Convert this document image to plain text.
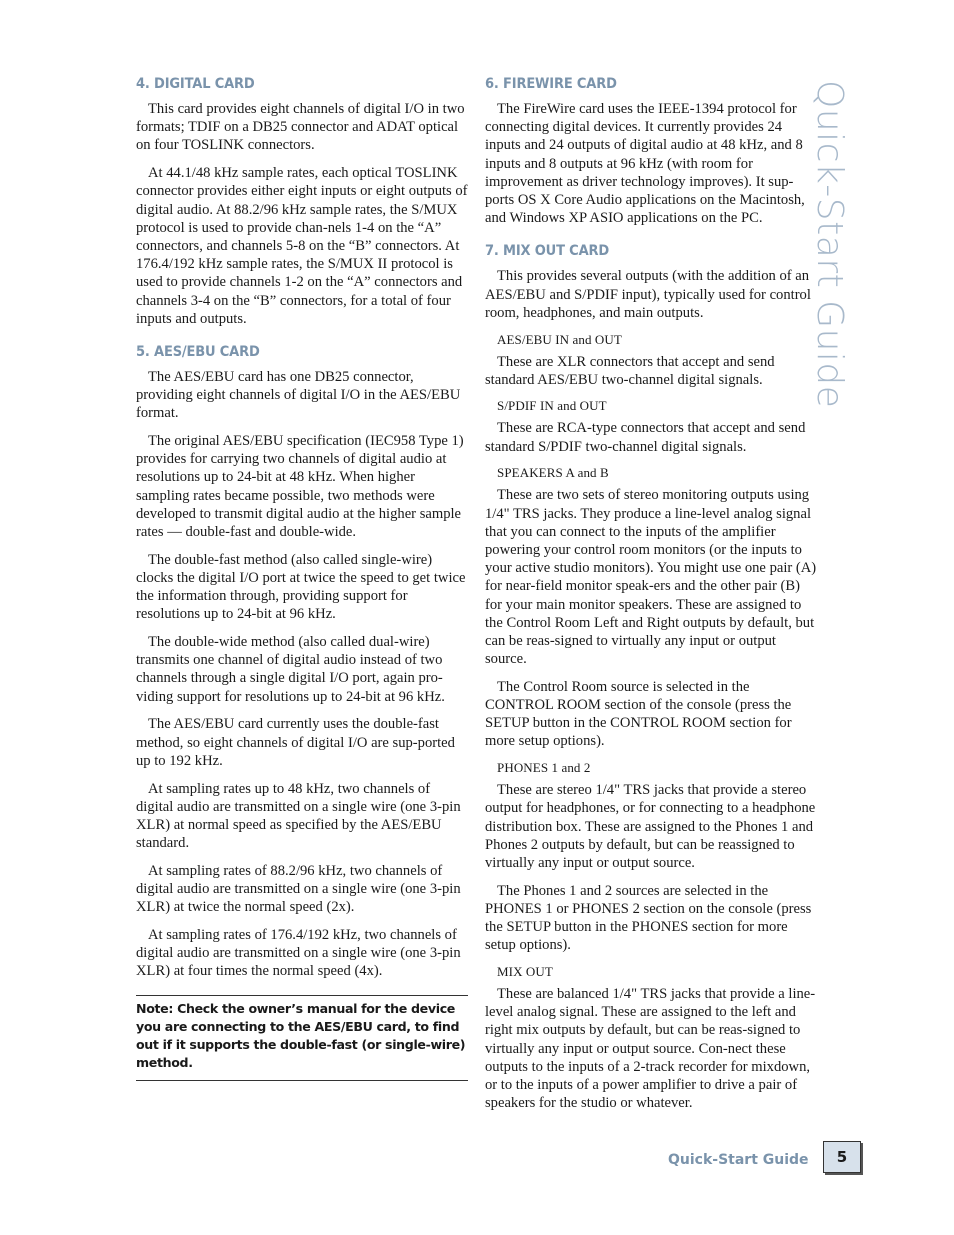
4. DIGITAL CARD

This card provides eight channels of digital I/O in two formats; TDIF on a DB25 connector and ADAT optical on four TOSLINK connectors.

At 44.1/48 kHz sample rates, each optical TOSLINK connector provides either eight inputs or eight outputs of digital audio. At 88.2/96 kHz sample rates, the S/MUX protocol is used to provide chan-nels 1-4 on the “A” connectors, and channels 5-8 on the “B” connectors. At 176.4/192 kHz sample rates, the S/MUX II protocol is used to provide channels 1-2 on the “A” connectors and channels 3-4 on the “B” connectors, for a total of four inputs and outputs.

5. AES/EBU CARD

The AES/EBU card has one DB25 connector, providing eight channels of digital I/O in the AES/EBU format.

The original AES/EBU specification (IEC958 Type 1) provides for carrying two channels of digital audio at resolutions up to 24-bit at 48 kHz. When higher sampling rates became possible, two methods were developed to transmit digital audio at the higher sample rates — double-fast and double-wide.

The double-fast method (also called single-wire) clocks the digital I/O port at twice the speed to get twice the information through, providing support for resolutions up to 24-bit at 96 kHz.

The double-wide method (also called dual-wire) transmits one channel of digital audio instead of two channels through a single digital I/O port, again pro-viding support for resolutions up to 24-bit at 96 kHz.

The AES/EBU card currently uses the double-fast method, so eight channels of digital I/O are sup-ported up to 192 kHz.

At sampling rates up to 48 kHz, two channels of digital audio are transmitted on a single wire (one 3-pin XLR) at normal speed as specified by the AES/EBU standard.

At sampling rates of 88.2/96 kHz, two channels of digital audio are transmitted on a single wire (one 3-pin XLR) at twice the normal speed (2x).

At sampling rates of 176.4/192 kHz, two channels of digital audio are transmitted on a single wire (one 3-pin XLR) at four times the normal speed (4x).

Note: Check the owner’s manual for the device you are connecting to the AES/EBU card, to find out if it supports the double-fast (or single-wire) method.
6. FIREWIRE CARD

The FireWire card uses the IEEE-1394 protocol for connecting digital devices. It currently provides 24 inputs and 24 outputs of digital audio at 48 kHz, and 8 inputs and 8 outputs at 96 kHz (with room for improvement as driver technology improves). It sup-ports OS X Core Audio applications on the Macintosh, and Windows XP ASIO applications on the PC.

7. MIX OUT CARD

This provides several outputs (with the addition of an AES/EBU and S/PDIF input), typically used for control room, headphones, and main outputs.

AES/EBU IN and OUT

These are XLR connectors that accept and send standard AES/EBU two-channel digital signals.

S/PDIF IN and OUT

These are RCA-type connectors that accept and send standard S/PDIF two-channel digital signals.

SPEAKERS A and B

These are two sets of stereo monitoring outputs using 1/4" TRS jacks. They produce a line-level analog signal that you can connect to the inputs of the amplifier powering your control room monitors (or the inputs to your active studio monitors). You might use one pair (A) for near-field monitor speak-ers and the other pair (B) for your main monitor speakers. These are assigned to the Control Room Left and Right outputs by default, but can be reas-signed to virtually any input or output source.

The Control Room source is selected in the CONTROL ROOM section of the console (press the SETUP button in the CONTROL ROOM section for more setup options).

PHONES 1 and 2

These are stereo 1/4" TRS jacks that provide a stereo output for headphones, or for connecting to a headphone distribution box. These are assigned to the Phones 1 and Phones 2 outputs by default, but can be reassigned to virtually any input or output source.

The Phones 1 and 2 sources are selected in the PHONES 1 or PHONES 2 section on the console (press the SETUP button in the PHONES section for more setup options).

MIX OUT

These are balanced 1/4" TRS jacks that provide a line-level analog signal. These are assigned to the left and right mix outputs by default, but can be reas-signed to virtually any input or output source. Con-nect these outputs to the inputs of a 2-track recorder for mixdown, or to the inputs of a power amplifier to drive a pair of speakers for the studio or whatever.

Quick-Start Guide
Quick-Start Guide	5
